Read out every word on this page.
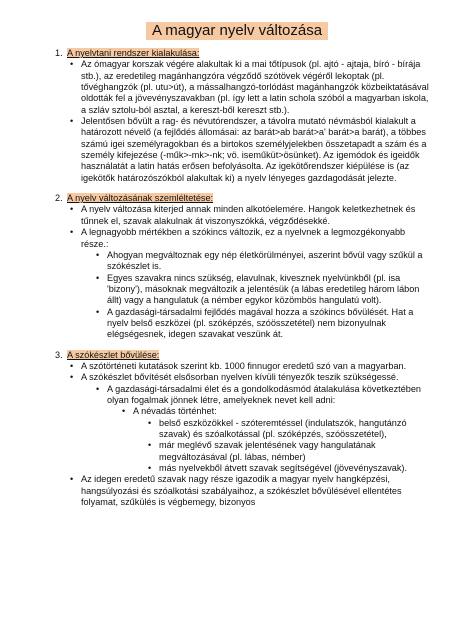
A magyar nyelv változása
1. A nyelvtani rendszer kialakulása:
• Az ómagyar korszak végére alakultak ki a mai tőtípusok (pl. ajtó - ajtaja, bíró - bírája stb.), az eredetileg magánhangzóra végződő szótövek végéről lekoptak (pl. tővéghangzók (pl. utu>út), a mássalhangzó-torlódást magánhangzók közbeiktatásával oldották fel a jövevényszavakban (pl. így lett a latin schola szóból a magyarban iskola, a szláv sztolu-ból asztal, a kereszt-ből kereszt stb.).
• Jelentősen bővült a rag- és névutórendszer, a távolra mutató névmásból kialakult a határozott névelő (a fejlődés állomásai: az barát>ab barát>a' barát>a barát), a többes számú igei személyragokban és a birtokos személyjelekben összetapadt a szám és a személy kifejezése (-műk>-mk>-nk; vö. iseműküt>ösünket). Az igemódok és igeidők használatát a latin hatás erősen befolyásolta. Az igekötőrendszer kiépülése is (az igekötők határozószókból alakultak ki) a nyelv lényeges gazdagodását jelezte.
2. A nyelv változásának szemléltetése:
• A nyelv változása kiterjed annak minden alkotóelemére. Hangok keletkezhetnek és tűnnek el, szavak alakulnak át viszonyszókká, végződésekké.
• A legnagyobb mértékben a szókincs változik, ez a nyelvnek a legmozgékonyabb része.:
• Ahogyan megváltoznak egy nép életkörülményei, aszerint bővül vagy szűkül a szókészlet is.
• Egyes szavakra nincs szükség, elavulnak, kivesznek nyelvünkből (pl. isa 'bizony'), másoknak megváltozik a jelentésük (a lábas eredetileg három lábon állt) vagy a hangulatuk (a némber egykor közömbös hangulatú volt).
• A gazdasági-társadalmi fejlődés magával hozza a szókincs bővülését. Hat a nyelv belső eszközei (pl. szóképzés, szóösszetétel) nem bizonyulnak elégségesnek, idegen szavakat veszünk át.
3. A szókészlet bővülése:
• A szótörténeti kutatások szerint kb. 1000 finnugor eredetű szó van a magyarban.
• A szókészlet bővítését elsősorban nyelven kívüli tényezők teszik szükségessé.
• A gazdasági-társadalmi élet és a gondolkodásmód átalakulása következtében olyan fogalmak jönnek létre, amelyeknek nevet kell adni:
• A névadás történhet:
• belső eszközökkel - szóteremtéssel (indulatszók, hangutánzó szavak) és szóalkotással (pl. szóképzés, szóösszetétel),
• már meglévő szavak jelentésének vagy hangulatának megváltozásával (pl. lábas, némber)
• más nyelvekből átvett szavak segítségével (jövevényszavak).
• Az idegen eredetű szavak nagy része igazodik a magyar nyelv hangképzési, hangsúlyozási és szóalkotási szabályaihoz, a szókészlet bővülésével ellentétes folyamat, szűkülés is végbemegy, bizonyos
